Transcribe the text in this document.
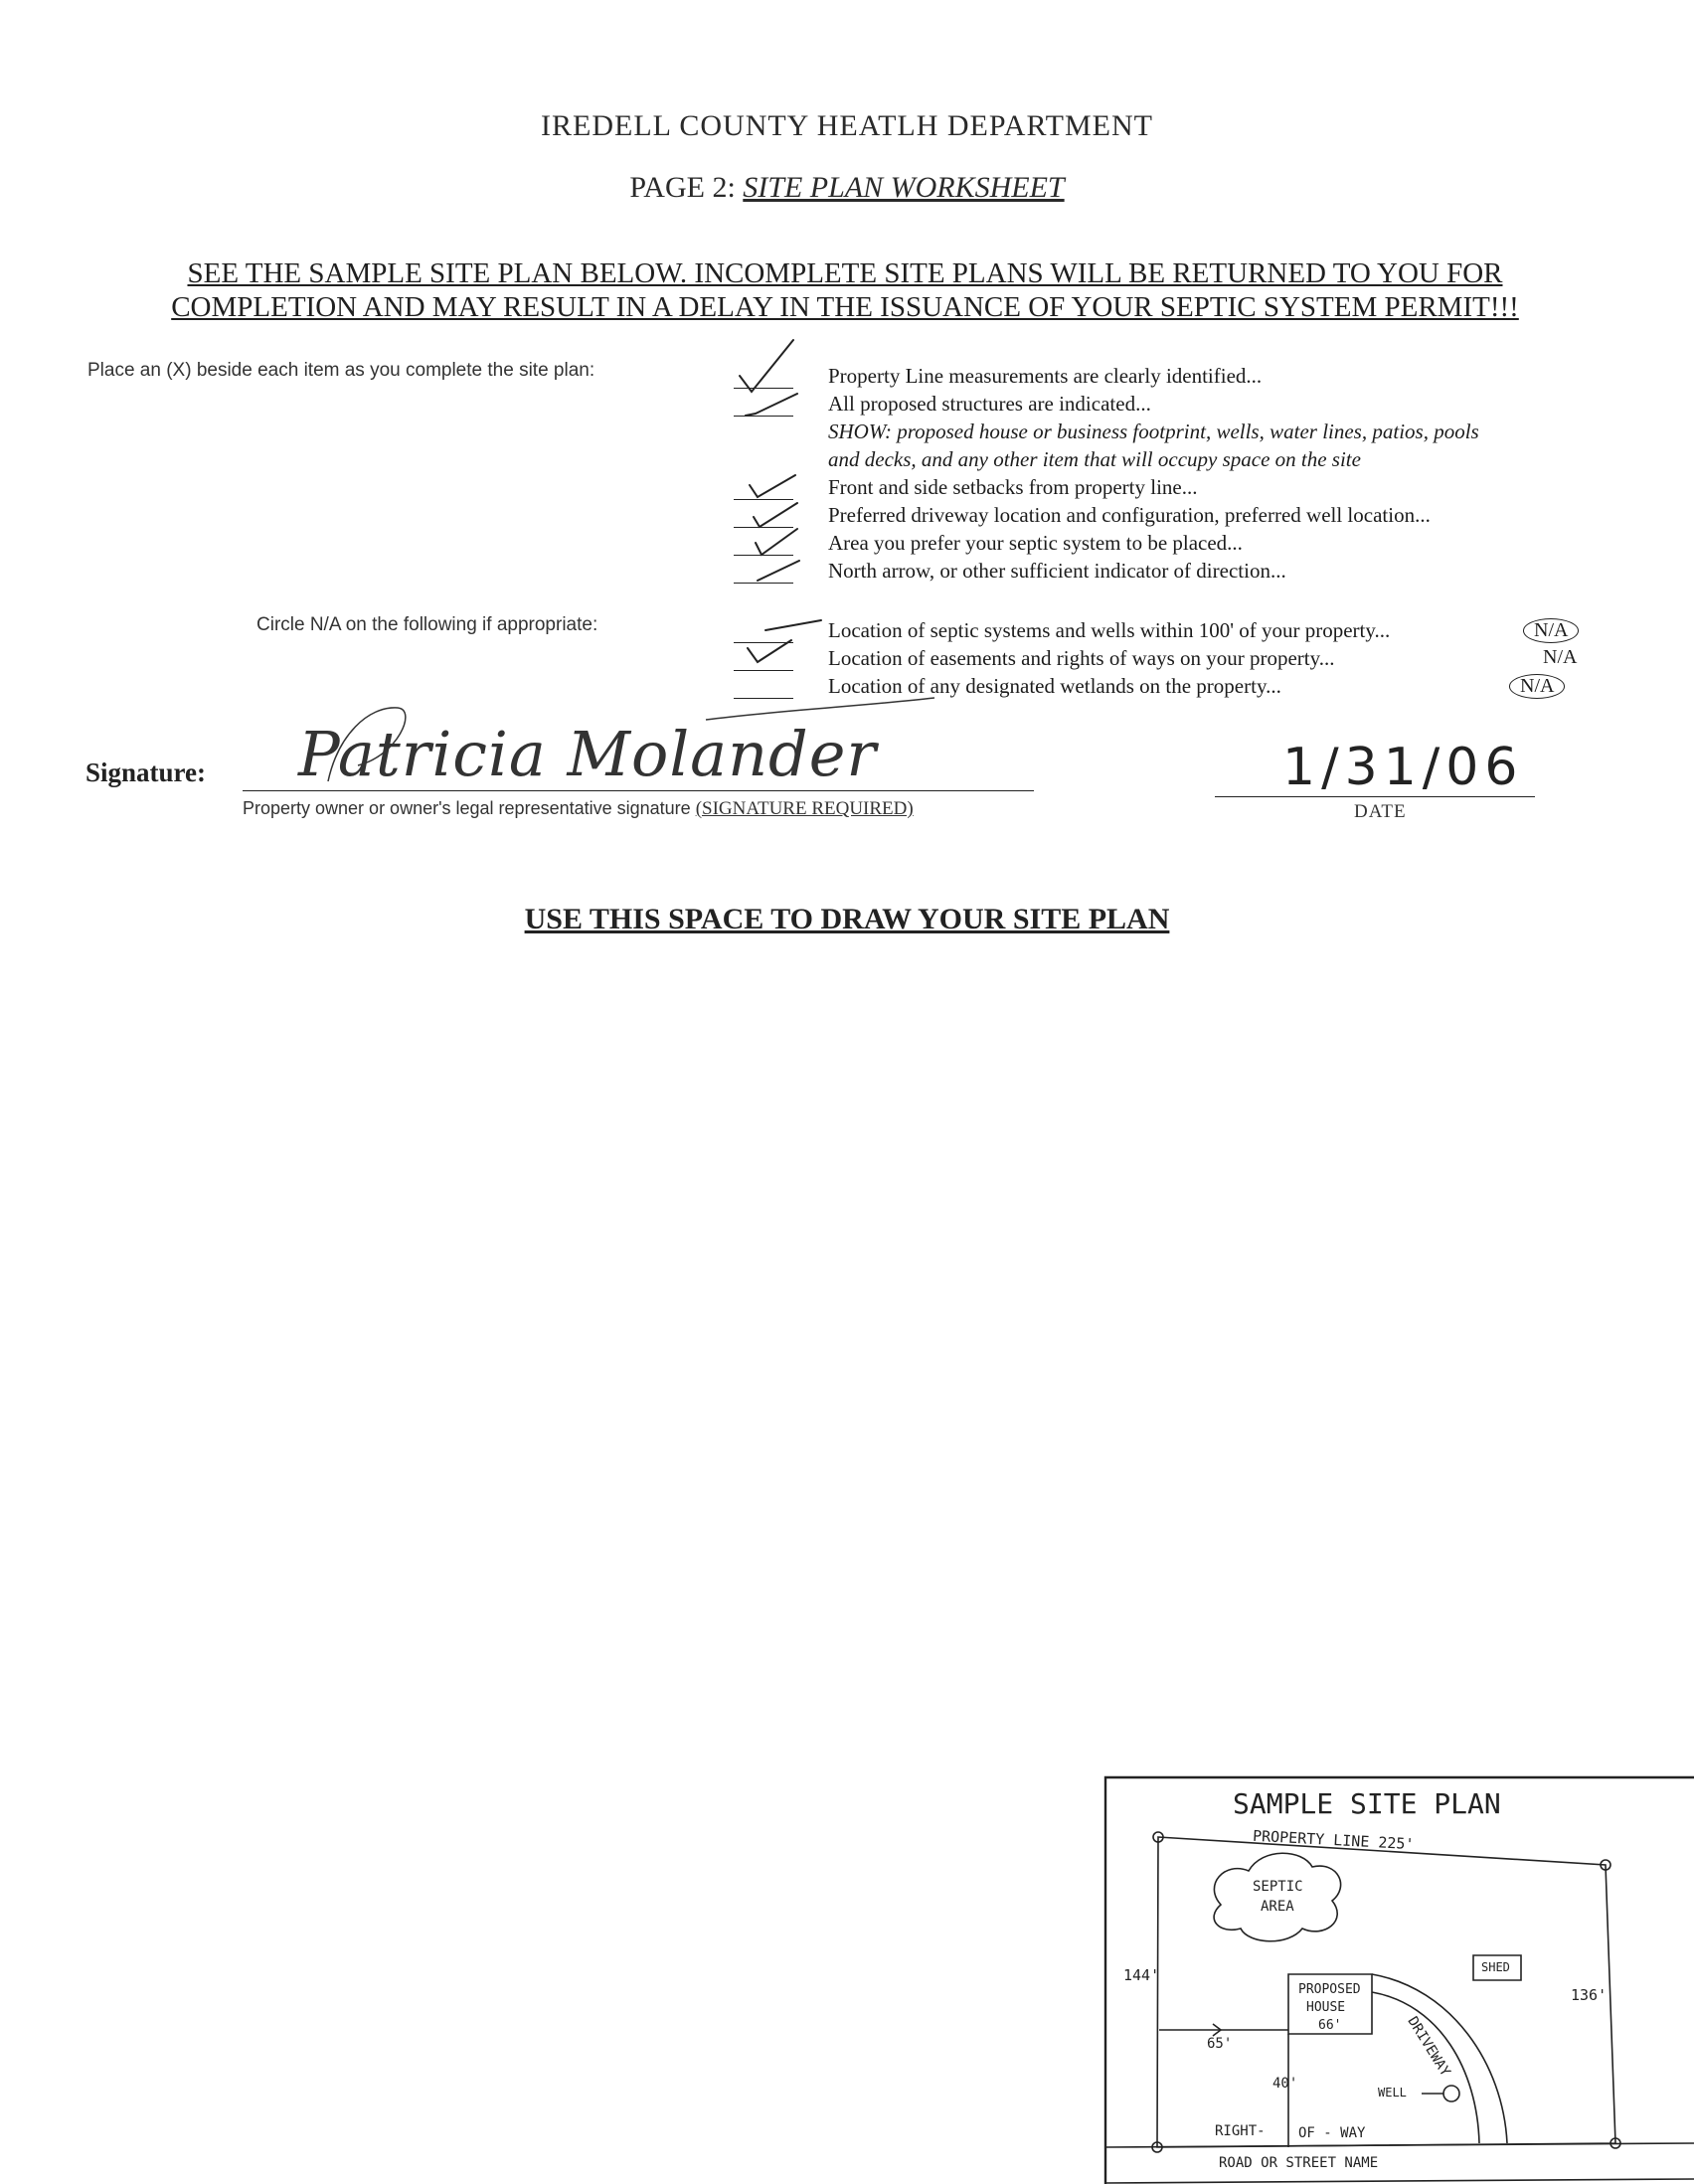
IREDELL COUNTY HEATLH DEPARTMENT
PAGE 2: SITE PLAN WORKSHEET
SEE THE SAMPLE SITE PLAN BELOW. INCOMPLETE SITE PLANS WILL BE RETURNED TO YOU FOR
COMPLETION AND MAY RESULT IN A DELAY IN THE ISSUANCE OF YOUR SEPTIC SYSTEM PERMIT!!!
Place an (X) beside each item as you complete the site plan:	Property Line measurements are clearly identified...
All proposed structures are indicated...
SHOW: proposed house or business footprint, wells, water lines, patios, pools
and decks, and any other item that will occupy space on the site
Front and side setbacks from property line...
Preferred driveway location and configuration, preferred well location...
Area you prefer your septic system to be placed...
North arrow, or other sufficient indicator of direction...
Circle N/A on the following if appropriate:	Location of septic systems and wells within 100' of your property...
Location of easements and rights of ways on your property...
Location of any designated wetlands on the property...
N/A
N/A
N/A
Signature: Patricia Molander
Property owner or owner's legal representative signature (SIGNATURE REQUIRED)
1/31/06
DATE
USE THIS SPACE TO DRAW YOUR SITE PLAN
SAMPLE SITE PLAN
PROPERTY LINE 225'
SEPTIC
AREA
SHED
PROPOSED
HOUSE
66'
144'
136'
65'
40'
DRIVEWAY
WELL
RIGHT- OF - WAY
ROAD OR STREET NAME
